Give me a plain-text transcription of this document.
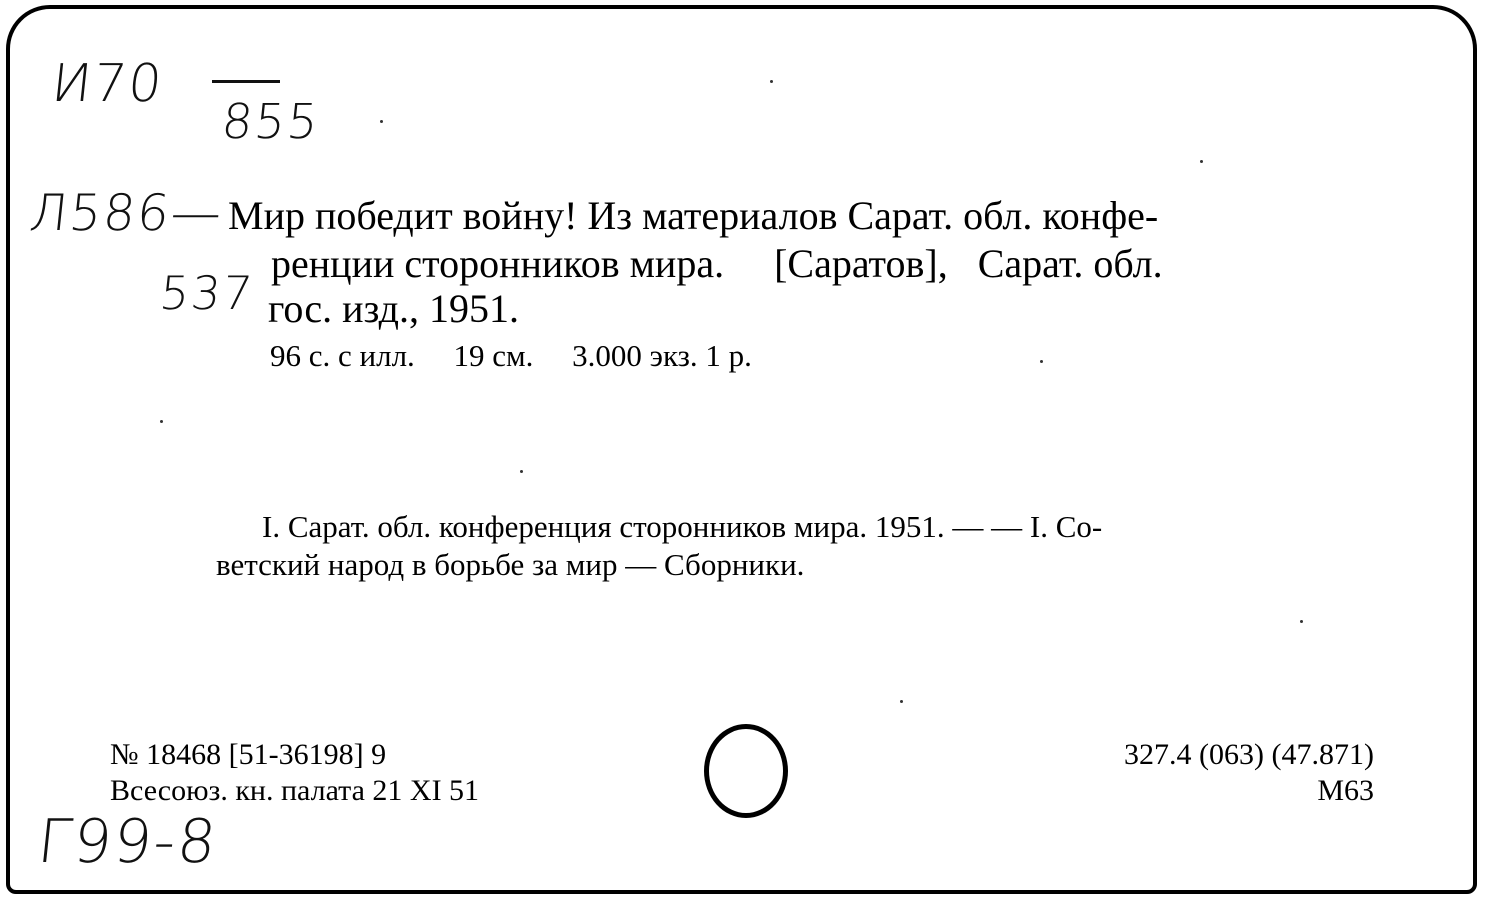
И70
855
Л586—
537
Мир победит войну! Из материалов Сарат. обл. конфе-
ренции сторонников мира.     [Саратов],   Сарат. обл.
гос. изд., 1951.
96 с. с илл.     19 см.     3.000 экз. 1 р.
I. Сарат. обл. конференция сторонников мира. 1951. — — I. Со-
ветский народ в борьбе за мир — Сборники.
№ 18468 [51-36198] 9
Всесоюз. кн. палата 21 XI 51
327.4 (063) (47.871)
М63
Г99-8
